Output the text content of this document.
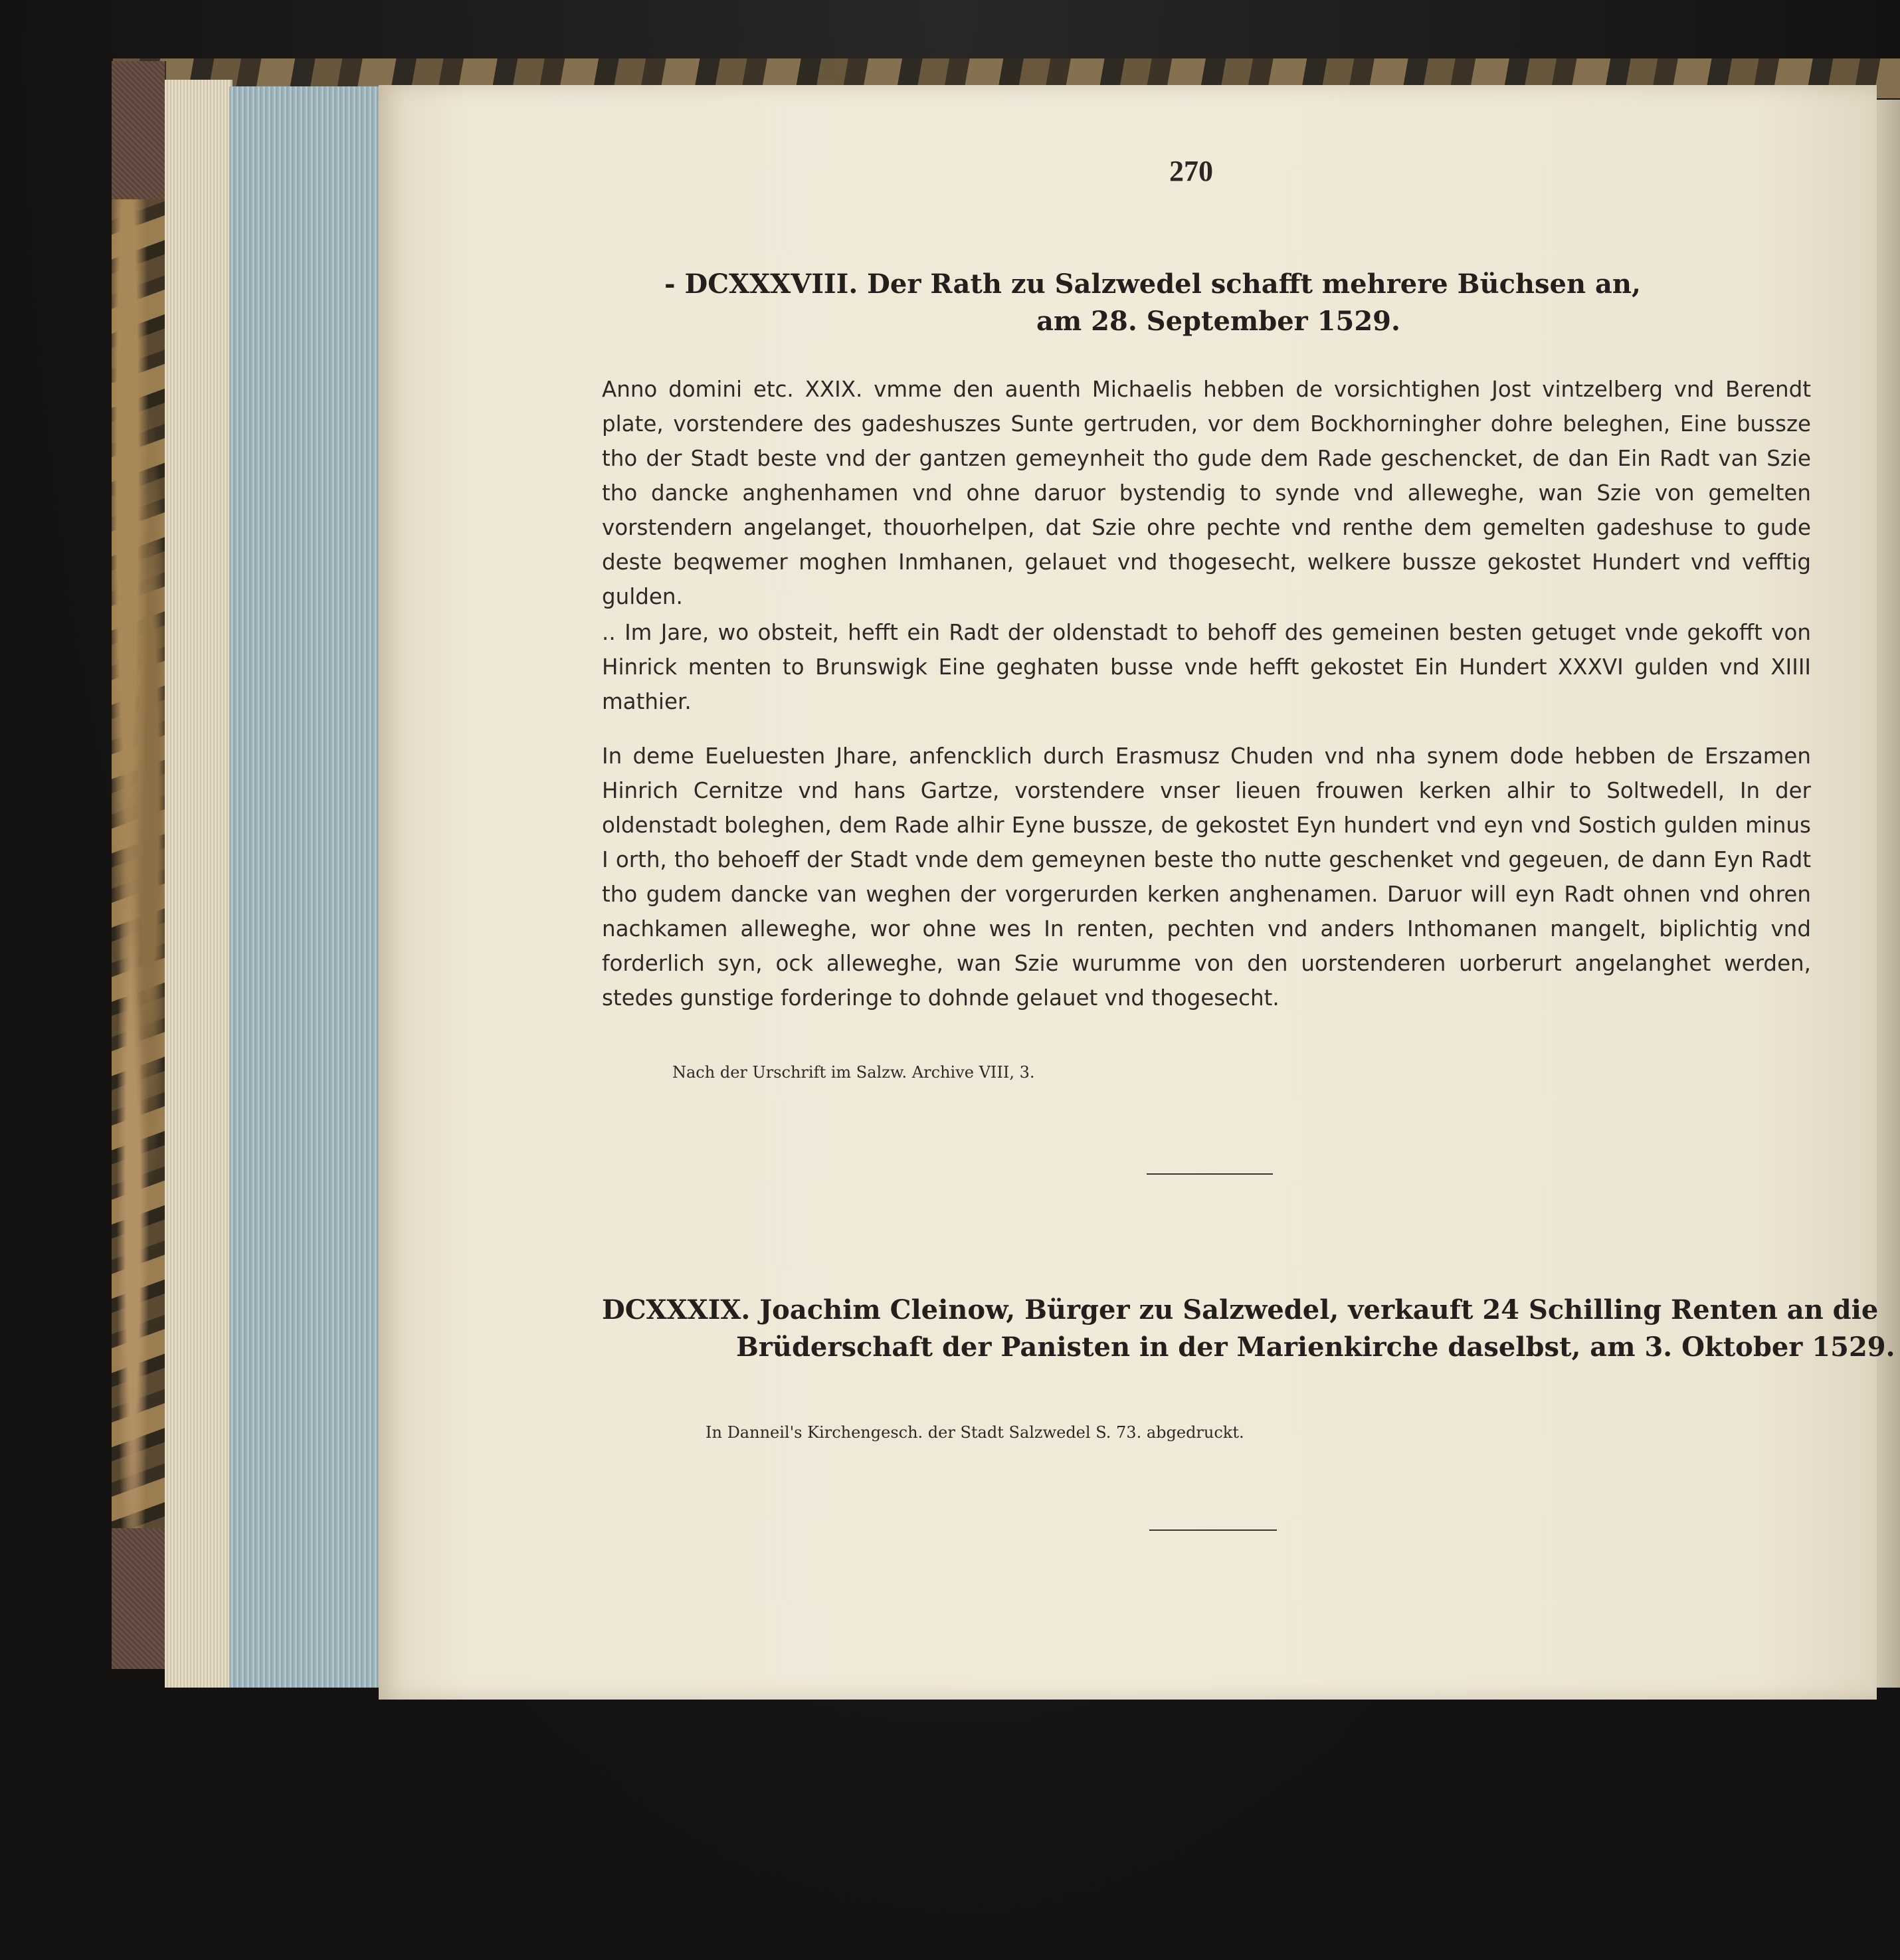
270
- DCXXXVIII. Der Rath zu Salzwedel schafft mehrere Büchsen an,
am 28. September 1529.
Anno domini etc. XXIX. vmme den auenth Michaelis hebben de vorsichtighen Jost vintzelberg vnd Berendt plate, vorstendere des gadeshuszes Sunte gertruden, vor dem Bockhorningher dohre beleghen, Eine bussze tho der Stadt beste vnd der gantzen gemeynheit tho gude dem Rade geschencket, de dan Ein Radt van Szie tho dancke anghenhamen vnd ohne daruor bystendig to synde vnd alleweghe, wan Szie von gemelten vorstendern angelanget, thouorhelpen, dat Szie ohre pechte vnd renthe dem gemelten gadeshuse to gude deste beqwemer moghen Inmhanen, gelauet vnd thogesecht, welkere bussze gekostet Hundert vnd vefftig gulden.
.. Im Jare, wo obsteit, hefft ein Radt der oldenstadt to behoff des gemeinen besten getuget vnde gekofft von Hinrick menten to Brunswigk Eine geghaten busse vnde hefft gekostet Ein Hundert XXXVI gulden vnd XIIII mathier.
In deme Eueluesten Jhare, anfencklich durch Erasmusz Chuden vnd nha synem dode hebben de Erszamen Hinrich Cernitze vnd hans Gartze, vorstendere vnser lieuen frouwen kerken alhir to Soltwedell, In der oldenstadt boleghen, dem Rade alhir Eyne bussze, de gekostet Eyn hundert vnd eyn vnd Sostich gulden minus I orth, tho behoeff der Stadt vnde dem gemeynen beste tho nutte geschenket vnd gegeuen, de dann Eyn Radt tho gudem dancke van weghen der vorgerurden kerken anghenamen. Daruor will eyn Radt ohnen vnd ohren nachkamen alleweghe, wor ohne wes In renten, pechten vnd anders Inthomanen mangelt, biplichtig vnd forderlich syn, ock alleweghe, wan Szie wurumme von den uorstenderen uorberurt angelanghet werden, stedes gunstige forderinge to dohnde gelauet vnd thogesecht.
Nach der Urschrift im Salzw. Archive VIII, 3.
DCXXXIX. Joachim Cleinow, Bürger zu Salzwedel, verkauft 24 Schilling Renten an die
Brüderschaft der Panisten in der Marienkirche daselbst, am 3. Oktober 1529.
In Danneil's Kirchengesch. der Stadt Salzwedel S. 73. abgedruckt.
